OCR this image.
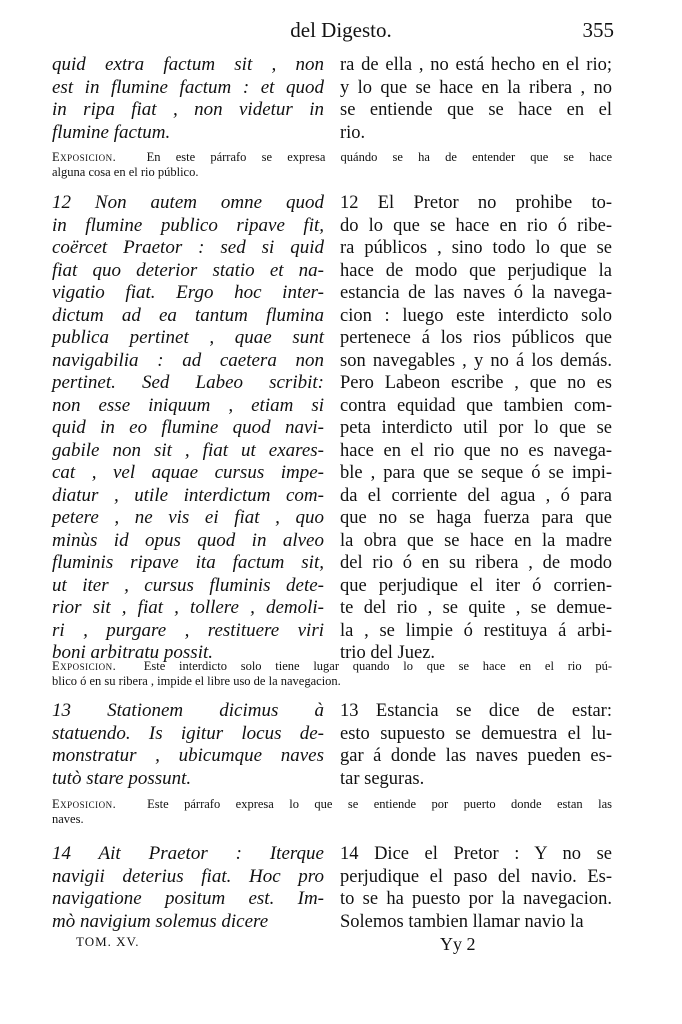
del Digesto.	355
quid extra factum sit , non
est in flumine factum : et quod
in ripa fiat , non videtur in
flumine factum.
ra de ella , no está hecho en el rio;
y lo que se hace en la ribera , no
se entiende que se hace en el
rio.
Exposicion. En este párrafo se expresa quándo se ha de entender que se hace
alguna cosa en el rio público.
12 Non autem omne quod
in flumine publico ripave fit,
coërcet Praetor : sed si quid
fiat quo deterior statio et na-
vigatio fiat. Ergo hoc inter-
dictum ad ea tantum flumina
publica pertinet , quae sunt
navigabilia : ad caetera non
pertinet. Sed Labeo scribit:
non esse iniquum , etiam si
quid in eo flumine quod navi-
gabile non sit , fiat ut exares-
cat , vel aquae cursus impe-
diatur , utile interdictum com-
petere , ne vis ei fiat , quo
minùs id opus quod in alveo
fluminis ripave ita factum sit,
ut iter , cursus fluminis dete-
rior sit , fiat , tollere , demoli-
ri , purgare , restituere viri
boni arbitratu possit.
12 El Pretor no prohibe to-
do lo que se hace en rio ó ribe-
ra públicos , sino todo lo que se
hace de modo que perjudique la
estancia de las naves ó la navega-
cion : luego este interdicto solo
pertenece á los rios públicos que
son navegables , y no á los demás.
Pero Labeon escribe , que no es
contra equidad que tambien com-
peta interdicto util por lo que se
hace en el rio que no es navega-
ble , para que se seque ó se impi-
da el corriente del agua , ó para
que no se haga fuerza para que
la obra que se hace en la madre
del rio ó en su ribera , de modo
que perjudique el iter ó corrien-
te del rio , se quite , se demue-
la , se limpie ó restituya á arbi-
trio del Juez.
Exposicion. Este interdicto solo tiene lugar quando lo que se hace en el rio pú-
blico ó en su ribera , impide el libre uso de la navegacion.
13 Stationem dicimus à
statuendo. Is igitur locus de-
monstratur , ubicumque naves
tutò stare possunt.
13 Estancia se dice de estar:
esto supuesto se demuestra el lu-
gar á donde las naves pueden es-
tar seguras.
Exposicion. Este párrafo expresa lo que se entiende por puerto donde estan las
naves.
14 Ait Praetor : Iterque
navigii deterius fiat. Hoc pro
navigatione positum est. Im-
mò navigium solemus dicere
14 Dice el Pretor : Y no se
perjudique el paso del navio. Es-
to se ha puesto por la navegacion.
Solemos tambien llamar navio la
TOM. XV.	Yy 2
